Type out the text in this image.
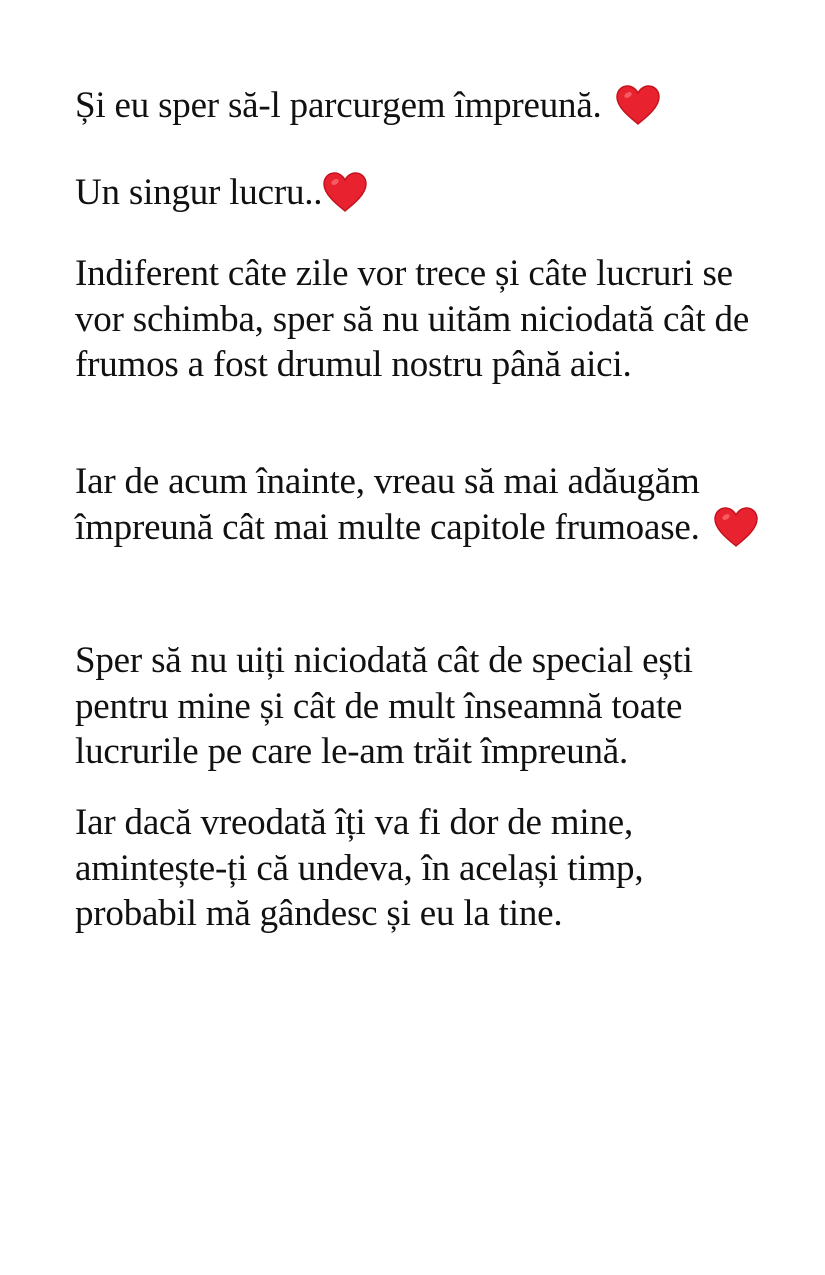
Și eu sper să-l parcurgem împreună.

Un singur lucru..

Indiferent câte zile vor trece și câte lucruri se vor schimba, sper să nu uităm niciodată cât de frumos a fost drumul nostru până aici.

Iar de acum înainte, vreau să mai adăugăm împreună cât mai multe capitole frumoase.

Sper să nu uiți niciodată cât de special ești pentru mine și cât de mult înseamnă toate lucrurile pe care le-am trăit împreună.

Iar dacă vreodată îți va fi dor de mine, amintește-ți că undeva, în același timp, probabil mă gândesc și eu la tine.
